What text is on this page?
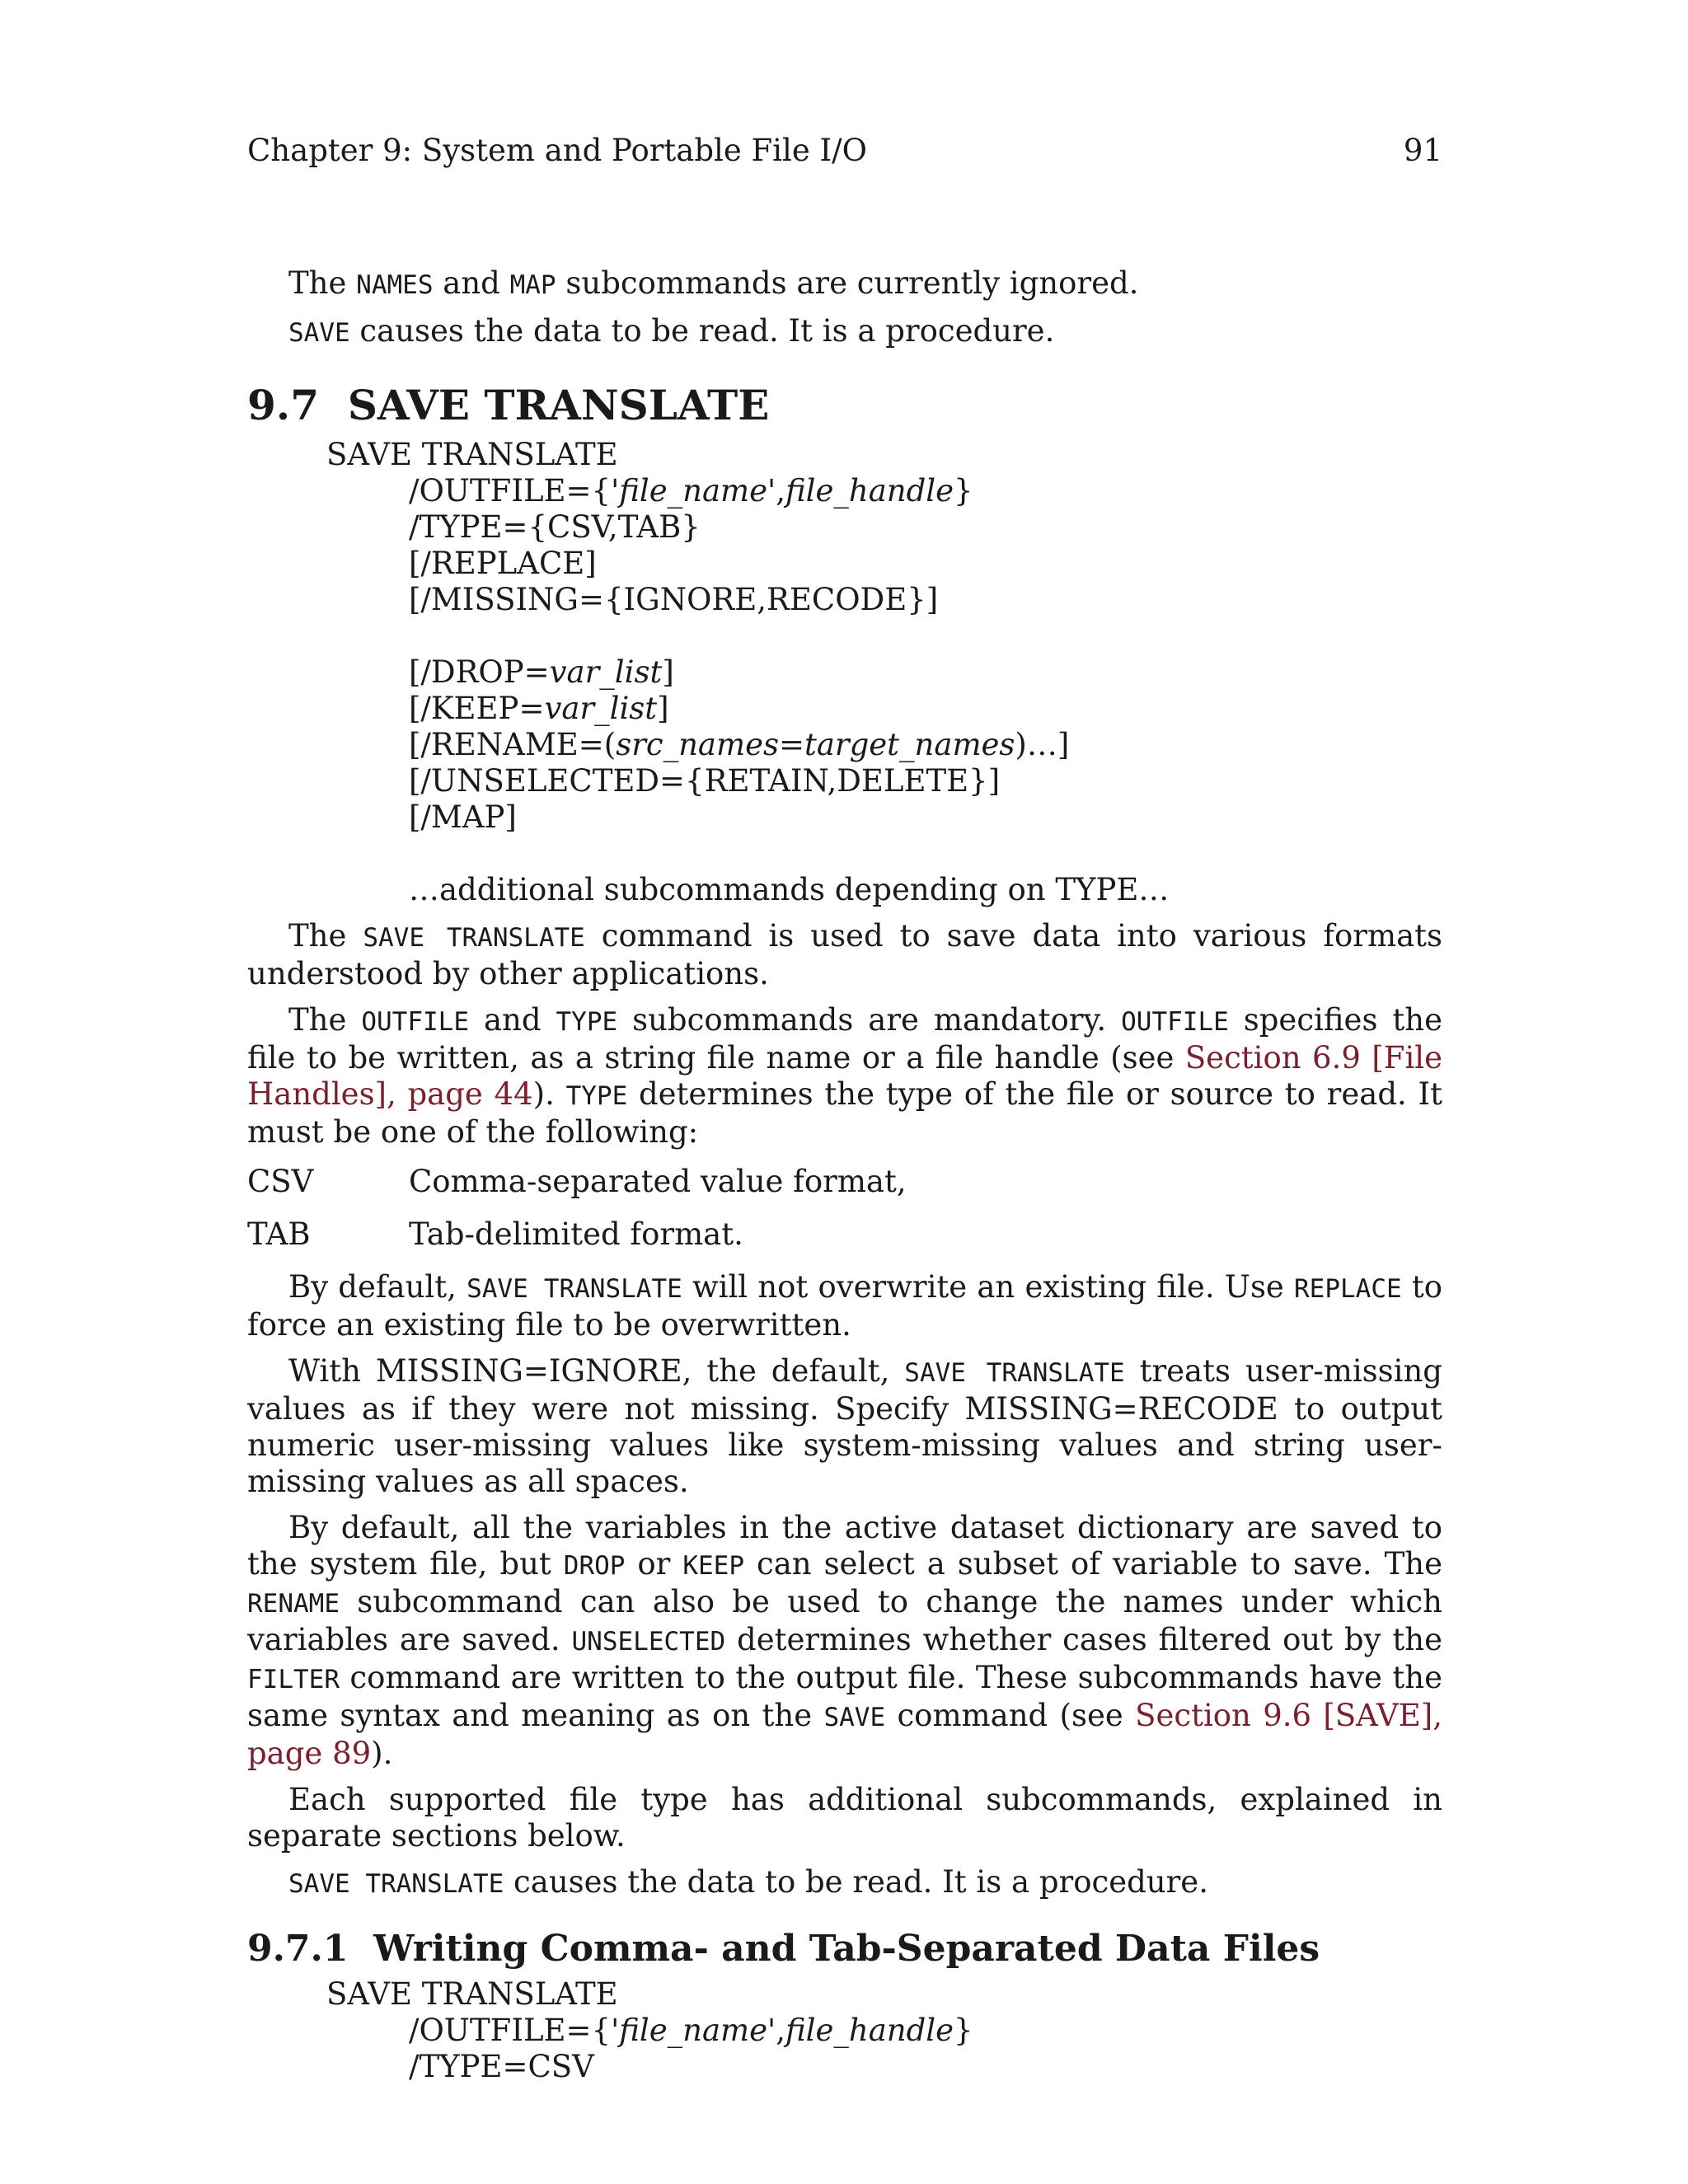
Chapter 9: System and Portable File I/O	91

The NAMES and MAP subcommands are currently ignored.

SAVE causes the data to be read. It is a procedure.

9.7 SAVE TRANSLATE
SAVE TRANSLATE
/OUTFILE={'file_name',file_handle}
/TYPE={CSV,TAB}
[/REPLACE]
[/MISSING={IGNORE,RECODE}]
[/DROP=var_list]
[/KEEP=var_list]
[/RENAME=(src_names=target_names)…]
[/UNSELECTED={RETAIN,DELETE}]
[/MAP]
…additional subcommands depending on TYPE…

The SAVE TRANSLATE command is used to save data into various formats understood by other applications.

The OUTFILE and TYPE subcommands are mandatory. OUTFILE specifies the file to be written, as a string file name or a file handle (see Section 6.9 [File Handles], page 44). TYPE determines the type of the file or source to read. It must be one of the following:

CSV	Comma-separated value format,
TAB	Tab-delimited format.

By default, SAVE TRANSLATE will not overwrite an existing file. Use REPLACE to force an existing file to be overwritten.

With MISSING=IGNORE, the default, SAVE TRANSLATE treats user-missing values as if they were not missing. Specify MISSING=RECODE to output numeric user-missing values like system-missing values and string user-missing values as all spaces.

By default, all the variables in the active dataset dictionary are saved to the system file, but DROP or KEEP can select a subset of variable to save. The RENAME subcommand can also be used to change the names under which variables are saved. UNSELECTED determines whether cases filtered out by the FILTER command are written to the output file. These subcommands have the same syntax and meaning as on the SAVE command (see Section 9.6 [SAVE], page 89).

Each supported file type has additional subcommands, explained in separate sections below.

SAVE TRANSLATE causes the data to be read. It is a procedure.

9.7.1 Writing Comma- and Tab-Separated Data Files
SAVE TRANSLATE
/OUTFILE={'file_name',file_handle}
/TYPE=CSV
